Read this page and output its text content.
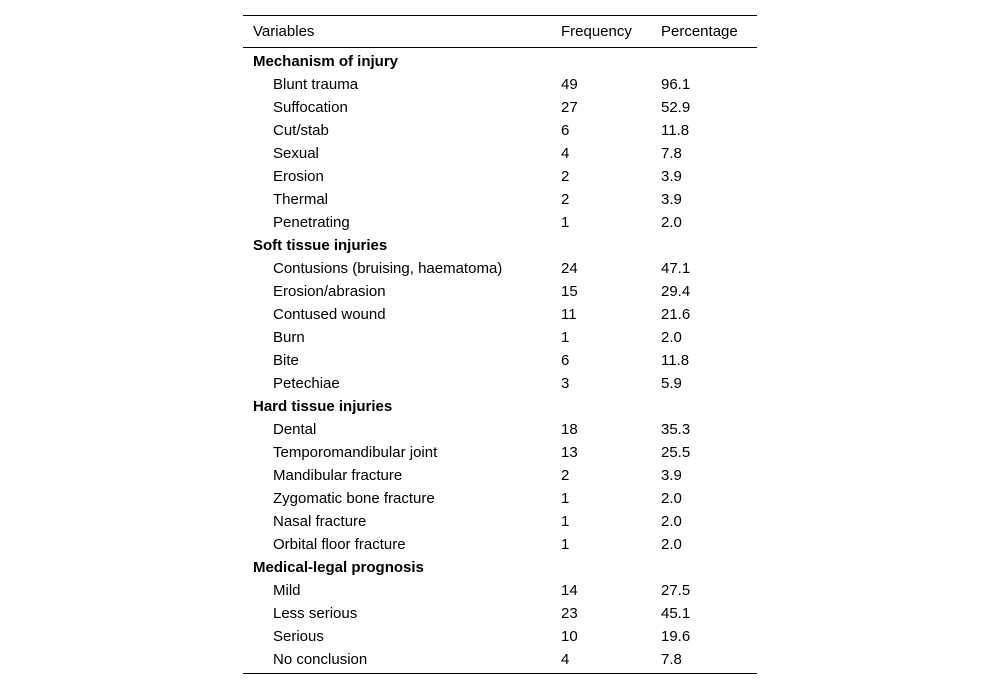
Variables	Frequency	Percentage
Mechanism of injury		
Blunt trauma	49	96.1
Suffocation	27	52.9
Cut/stab	6	11.8
Sexual	4	7.8
Erosion	2	3.9
Thermal	2	3.9
Penetrating	1	2.0
Soft tissue injuries		
Contusions (bruising, haematoma)	24	47.1
Erosion/abrasion	15	29.4
Contused wound	11	21.6
Burn	1	2.0
Bite	6	11.8
Petechiae	3	5.9
Hard tissue injuries		
Dental	18	35.3
Temporomandibular joint	13	25.5
Mandibular fracture	2	3.9
Zygomatic bone fracture	1	2.0
Nasal fracture	1	2.0
Orbital floor fracture	1	2.0
Medical-legal prognosis		
Mild	14	27.5
Less serious	23	45.1
Serious	10	19.6
No conclusion	4	7.8
